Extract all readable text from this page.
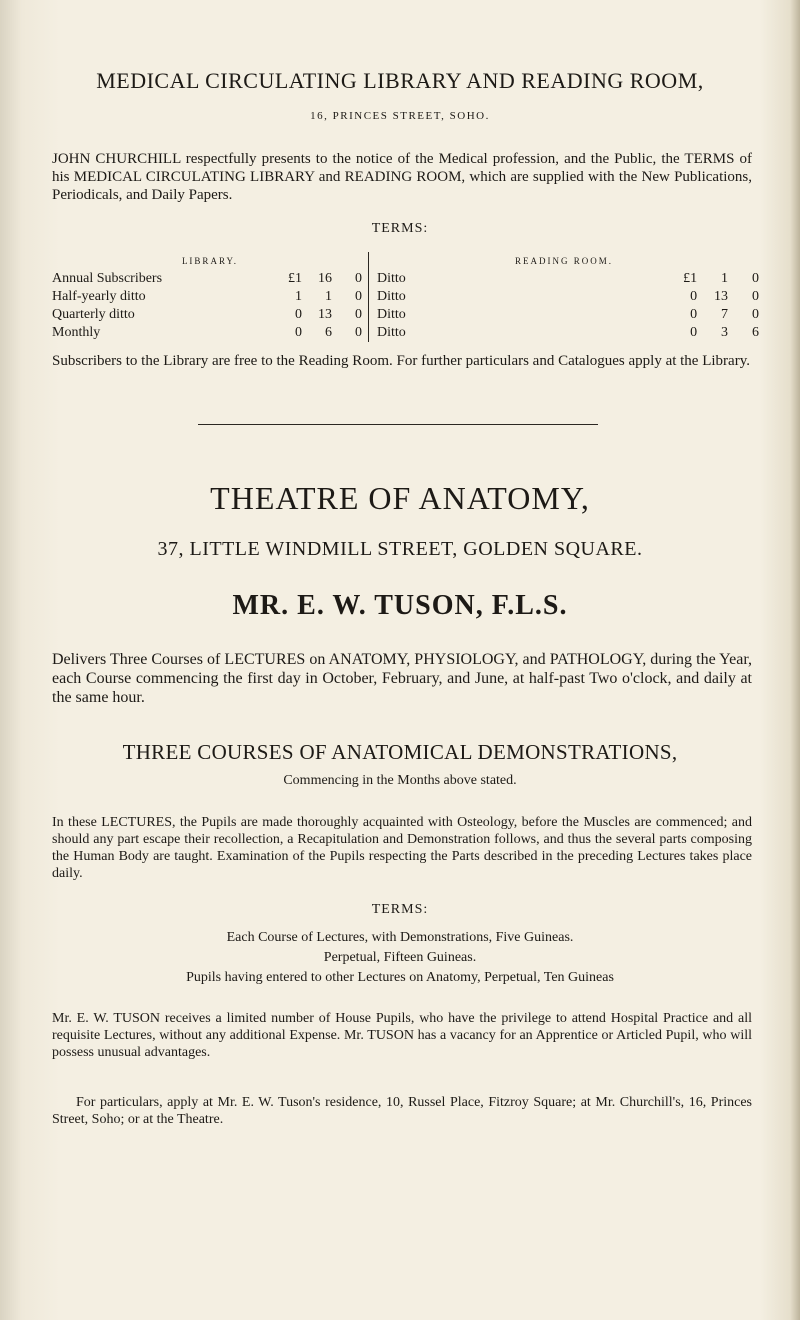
MEDICAL CIRCULATING LIBRARY AND READING ROOM,
16, PRINCES STREET, SOHO.
JOHN CHURCHILL respectfully presents to the notice of the Medical profession, and the Public, the TERMS of his MEDICAL CIRCULATING LIBRARY and READING ROOM, which are supplied with the New Publications, Periodicals, and Daily Papers.
TERMS:
LIBRARY.				READING ROOM.			
Annual Subscribers	£1	16	0	Ditto	£1	1	0
Half-yearly ditto	1	1	0	Ditto	0	13	0
Quarterly ditto	0	13	0	Ditto	0	7	0
Monthly	0	6	0	Ditto	0	3	6
Subscribers to the Library are free to the Reading Room. For further particulars and Catalogues apply at the Library.
THEATRE OF ANATOMY,
37, LITTLE WINDMILL STREET, GOLDEN SQUARE.
MR. E. W. TUSON, F.L.S.
Delivers Three Courses of LECTURES on ANATOMY, PHYSIOLOGY, and PATHOLOGY, during the Year, each Course commencing the first day in October, February, and June, at half-past Two o'clock, and daily at the same hour.
THREE COURSES OF ANATOMICAL DEMONSTRATIONS,
Commencing in the Months above stated.
In these LECTURES, the Pupils are made thoroughly acquainted with Osteology, before the Muscles are commenced; and should any part escape their recollection, a Recapitulation and Demonstration follows, and thus the several parts composing the Human Body are taught. Examination of the Pupils respecting the Parts described in the preceding Lectures takes place daily.
TERMS:
Each Course of Lectures, with Demonstrations, Five Guineas.
Perpetual, Fifteen Guineas.
Pupils having entered to other Lectures on Anatomy, Perpetual, Ten Guineas
Mr. E. W. TUSON receives a limited number of House Pupils, who have the privilege to attend Hospital Practice and all requisite Lectures, without any additional Expense. Mr. TUSON has a vacancy for an Apprentice or Articled Pupil, who will possess unusual advantages.
For particulars, apply at Mr. E. W. Tuson's residence, 10, Russel Place, Fitzroy Square; at Mr. Churchill's, 16, Princes Street, Soho; or at the Theatre.
